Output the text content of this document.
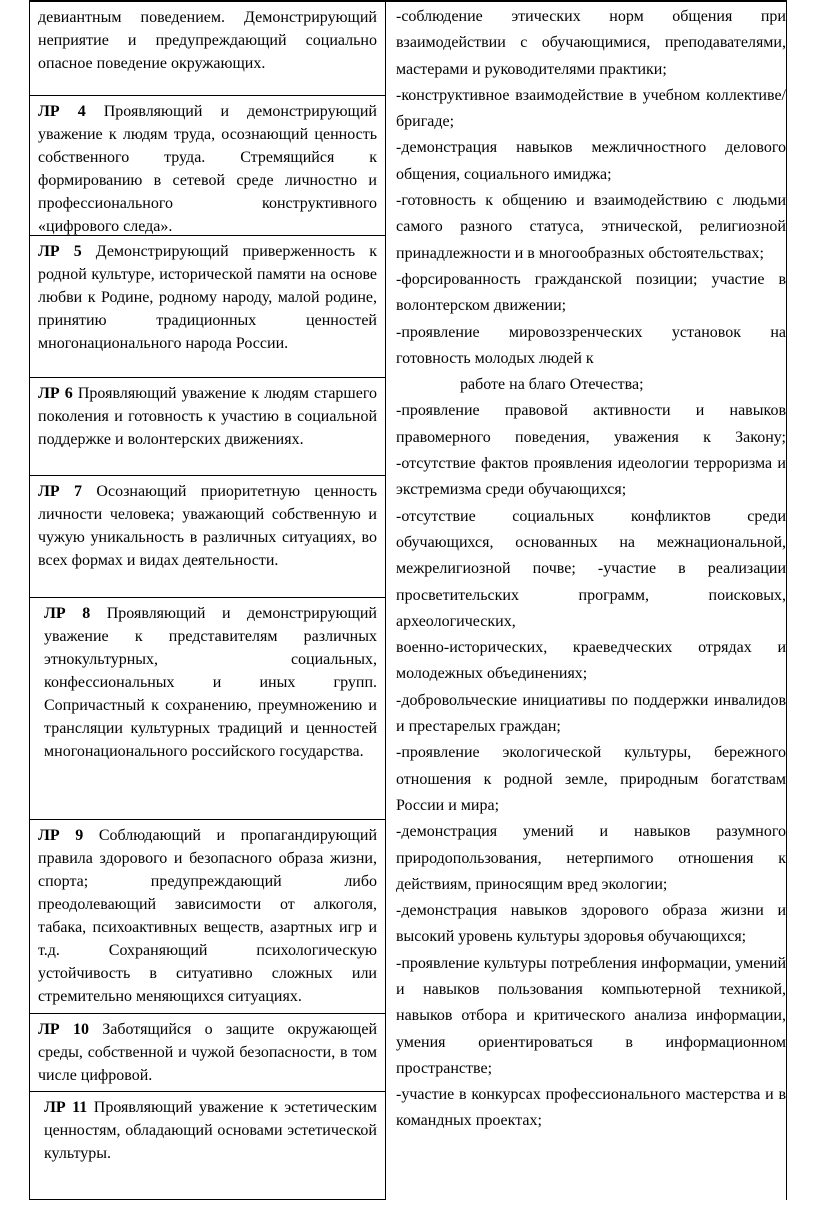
девиантным поведением. Демонстрирующий неприятие и предупреждающий социально опасное поведение окружающих.

ЛР 4 Проявляющий и демонстрирующий уважение к людям труда, осознающий ценность собственного труда. Стремящийся к формированию в сетевой среде личностно и профессионального конструктивного «цифрового следа».

ЛР 5 Демонстрирующий приверженность к родной культуре, исторической памяти на основе любви к Родине, родному народу, малой родине, принятию традиционных ценностей многонационального народа России.

ЛР 6 Проявляющий уважение к людям старшего поколения и готовность к участию в социальной поддержке и волонтерских движениях.

ЛР 7 Осознающий приоритетную ценность личности человека; уважающий собственную и чужую уникальность в различных ситуациях, во всех формах и видах деятельности.

ЛР 8 Проявляющий и демонстрирующий уважение к представителям различных этнокультурных, социальных, конфессиональных и иных групп. Сопричастный к сохранению, преумножению и трансляции культурных традиций и ценностей многонационального российского государства.

ЛР 9 Соблюдающий и пропагандирующий правила здорового и безопасного образа жизни, спорта; предупреждающий либо преодолевающий зависимости от алкоголя, табака, психоактивных веществ, азартных игр и т.д. Сохраняющий психологическую устойчивость в ситуативно сложных или стремительно меняющихся ситуациях.

ЛР 10 Заботящийся о защите окружающей среды, собственной и чужой безопасности, в том числе цифровой.

ЛР 11 Проявляющий уважение к эстетическим ценностям, обладающий основами эстетической культуры.

-соблюдение этических норм общения при взаимодействии с обучающимися, преподавателями, мастерами и руководителями практики;

-конструктивное взаимодействие в учебном коллективе/бригаде;

-демонстрация навыков межличностного делового общения, социального имиджа;

-готовность к общению и взаимодействию с людьми самого разного статуса, этнической, религиозной принадлежности и в многообразных обстоятельствах;

-форсированность гражданской позиции; участие в волонтерском движении;

-проявление мировоззренческих установок на готовность молодых людей к

работе на благо Отечества;

-проявление правовой активности и навыков правомерного поведения, уважения к Закону; -отсутствие фактов проявления идеологии терроризма и экстремизма среди обучающихся;

-отсутствие социальных конфликтов среди обучающихся, основанных на межнациональной, межрелигиозной почве; -участие в реализации просветительских программ, поисковых, археологических,

военно-исторических, краеведческих отрядах и молодежных объединениях;

-добровольческие инициативы по поддержки инвалидов и престарелых граждан;

-проявление экологической культуры, бережного отношения к родной земле, природным богатствам России и мира;

-демонстрация умений и навыков разумного природопользования, нетерпимого отношения к действиям, приносящим вред экологии;

-демонстрация навыков здорового образа жизни и высокий уровень культуры здоровья обучающихся;

-проявление культуры потребления информации, умений и навыков пользования компьютерной техникой, навыков отбора и критического анализа информации, умения ориентироваться в информационном пространстве;

-участие в конкурсах профессионального мастерства и в командных проектах;
